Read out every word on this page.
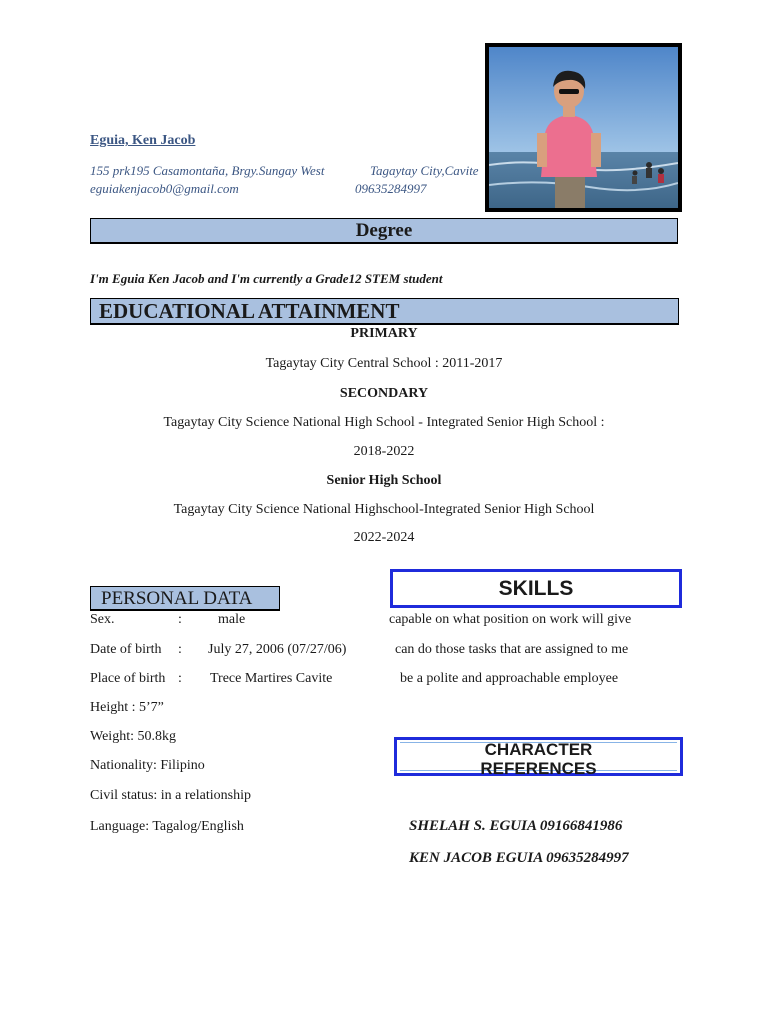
Eguia, Ken Jacob
155 prk195 Casamontaña, Brgy.Sungay West	Tagaytay City,Cavite
eguiakenjacob0@gmail.com	09635284997
Degree
I'm Eguia Ken Jacob and I'm currently a Grade12 STEM student
EDUCATIONAL ATTAINMENT
PRIMARY
Tagaytay City Central School : 2011-2017
SECONDARY
Tagaytay City Science National High School - Integrated Senior High School :
2018-2022
Senior High School
Tagaytay City Science National Highschool-Integrated Senior High School
2022-2024
PERSONAL DATA
Sex.	:	male
Date of birth : July 27, 2006 (07/27/06)
Place of birth : Trece Martires Cavite
Height : 5’7”
Weight: 50.8kg
Nationality: Filipino
Civil status: in a relationship
Language: Tagalog/English
SKILLS
capable on what position on work will give
can do those tasks that are assigned to me
be a polite and approachable employee
CHARACTER
REFERENCES
SHELAH S. EGUIA 09166841986
KEN JACOB EGUIA 09635284997
